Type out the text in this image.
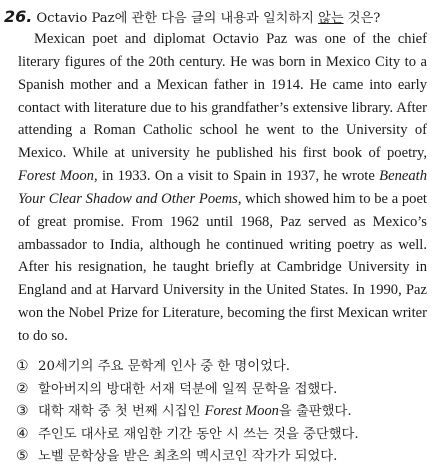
26. Octavio Paz에 관한 다음 글의 내용과 일치하지 않는 것은?

Mexican poet and diplomat Octavio Paz was one of the chief literary figures of the 20th century. He was born in Mexico City to a Spanish mother and a Mexican father in 1914. He came into early contact with literature due to his grandfather’s extensive library. After attending a Roman Catholic school he went to the University of Mexico. While at university he published his first book of poetry, Forest Moon, in 1933. On a visit to Spain in 1937, he wrote Beneath Your Clear Shadow and Other Poems, which showed him to be a poet of great promise. From 1962 until 1968, Paz served as Mexico’s ambassador to India, although he continued writing poetry as well. After his resignation, he taught briefly at Cambridge University in England and at Harvard University in the United States. In 1990, Paz won the Nobel Prize for Literature, becoming the first Mexican writer to do so.

① 20세기의 주요 문학계 인사 중 한 명이었다.
② 할아버지의 방대한 서재 덕분에 일찍 문학을 접했다.
③ 대학 재학 중 첫 번째 시집인 Forest Moon을 출판했다.
④ 주인도 대사로 재임한 기간 동안 시 쓰는 것을 중단했다.
⑤ 노벨 문학상을 받은 최초의 멕시코인 작가가 되었다.
